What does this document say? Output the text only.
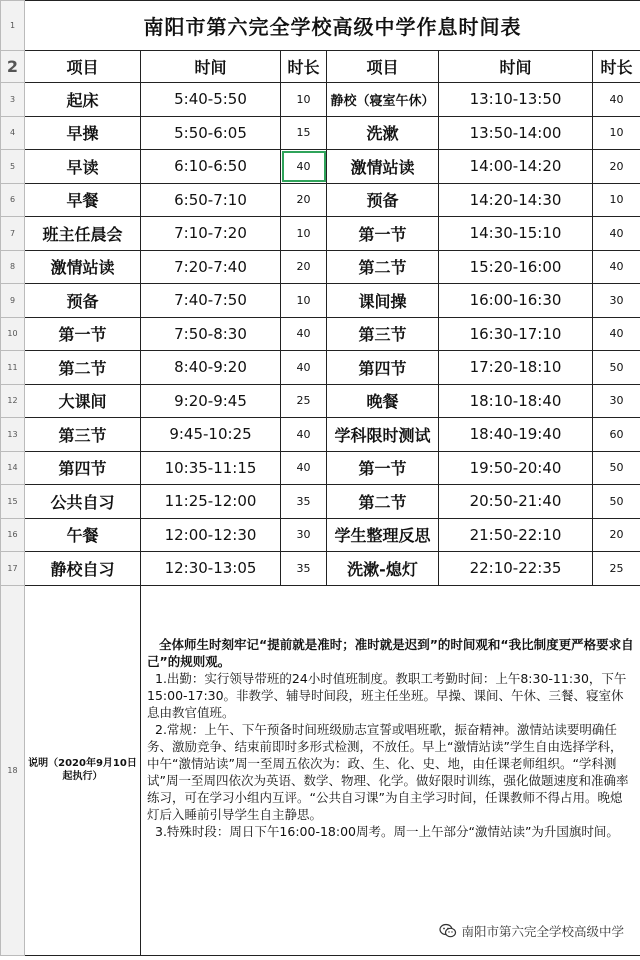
1	南阳市第六完全学校高级中学作息时间表					
2	项目	时间	时长	项目	时间	时长
3	起床	5:40-5:50	10	静校（寝室午休）	13:10-13:50	40
4	早操	5:50-6:05	15	洗漱	13:50-14:00	10
5	早读	6:10-6:50	40	激情站读	14:00-14:20	20
6	早餐	6:50-7:10	20	预备	14:20-14:30	10
7	班主任晨会	7:10-7:20	10	第一节	14:30-15:10	40
8	激情站读	7:20-7:40	20	第二节	15:20-16:00	40
9	预备	7:40-7:50	10	课间操	16:00-16:30	30
10	第一节	7:50-8:30	40	第三节	16:30-17:10	40
11	第二节	8:40-9:20	40	第四节	17:20-18:10	50
12	大课间	9:20-9:45	25	晚餐	18:10-18:40	30
13	第三节	9:45-10:25	40	学科限时测试	18:40-19:40	60
14	第四节	10:35-11:15	40	第一节	19:50-20:40	50
15	公共自习	11:25-12:00	35	第二节	20:50-21:40	50
16	午餐	12:00-12:30	30	学生整理反思	21:50-22:10	20
17	静校自习	12:30-13:05	35	洗漱-熄灯	22:10-22:35	25
18	说明（2020年9月10日起执行）	全体师生时刻牢记“提前就是准时；准时就是迟到”的时间观和“我比制度更严格要求自己”的规则观。

1.出勤：实行领导带班的24小时值班制度。教职工考勤时间：上午8:30-11:30，下午15:00-17:30。非教学、辅导时间段，班主任坐班。早操、课间、午休、三餐、寝室休息由教官值班。

2.常规：上午、下午预备时间班级励志宣誓或唱班歌，振奋精神。激情站读要明确任务、激励竞争、结束前即时多形式检测，不放任。早上“激情站读”学生自由选择学科，中午“激情站读”周一至周五依次为：政、生、化、史、地，由任课老师组织。“学科测试”周一至周四依次为英语、数学、物理、化学。做好限时训练，强化做题速度和准确率练习，可在学习小组内互评。“公共自习课”为自主学习时间，任课教师不得占用。晚熄灯后入睡前引导学生自主静思。

3.特殊时段：周日下午16:00-18:00周考。周一上午部分“激情站读”为升国旗时间。				

南阳市第六完全学校高级中学
